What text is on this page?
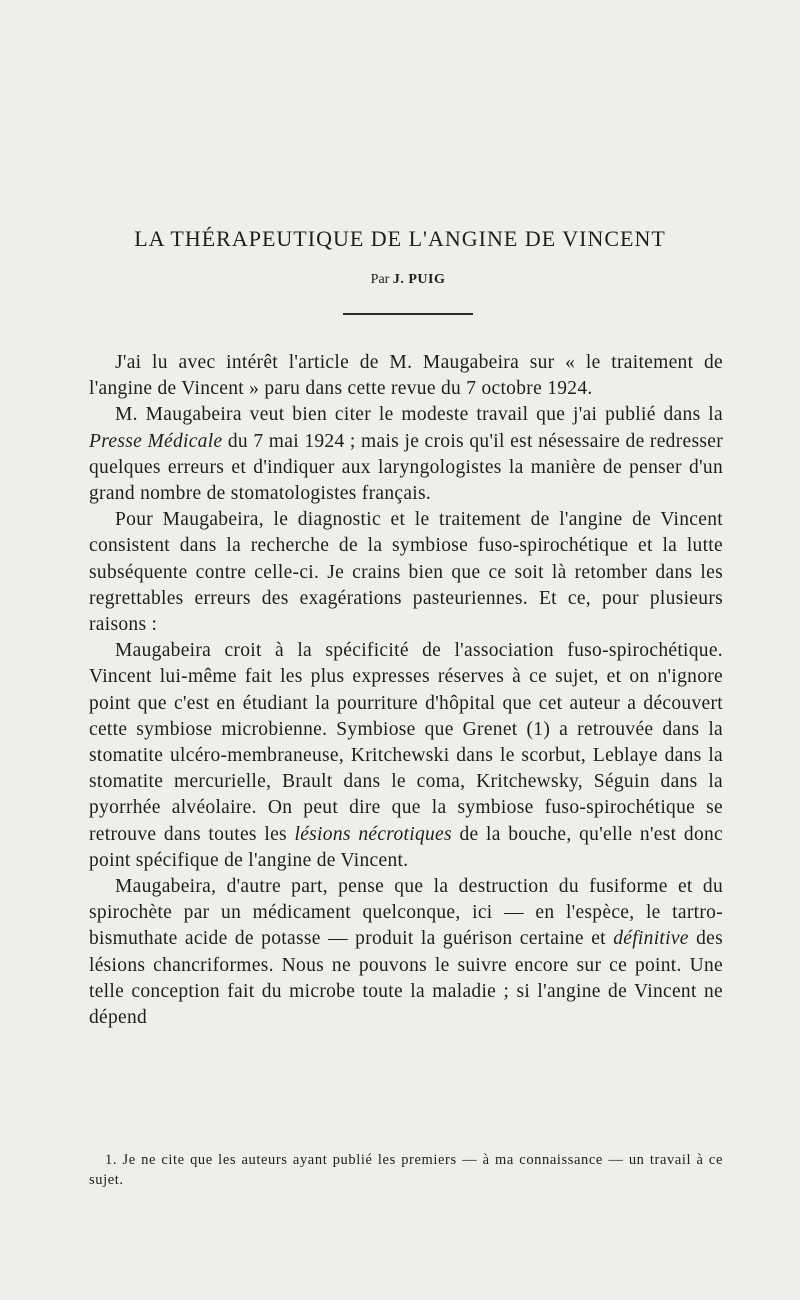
LA THÉRAPEUTIQUE DE L'ANGINE DE VINCENT
Par J. PUIG

J'ai lu avec intérêt l'article de M. Maugabeira sur « le traitement de l'angine de Vincent » paru dans cette revue du 7 octobre 1924.

M. Maugabeira veut bien citer le modeste travail que j'ai publié dans la Presse Médicale du 7 mai 1924 ; mais je crois qu'il est nésessaire de redresser quelques erreurs et d'indiquer aux laryngologistes la manière de penser d'un grand nombre de stomatologistes français.

Pour Maugabeira, le diagnostic et le traitement de l'angine de Vincent consistent dans la recherche de la symbiose fuso-spirochétique et la lutte subséquente contre celle-ci. Je crains bien que ce soit là retomber dans les regrettables erreurs des exagérations pasteuriennes. Et ce, pour plusieurs raisons :

Maugabeira croit à la spécificité de l'association fuso-spirochétique. Vincent lui-même fait les plus expresses réserves à ce sujet, et on n'ignore point que c'est en étudiant la pourriture d'hôpital que cet auteur a découvert cette symbiose microbienne. Symbiose que Grenet (1) a retrouvée dans la stomatite ulcéro-membraneuse, Kritchewski dans le scorbut, Leblaye dans la stomatite mercurielle, Brault dans le coma, Kritchewsky, Séguin dans la pyorrhée alvéolaire. On peut dire que la symbiose fuso-spirochétique se retrouve dans toutes les lésions nécrotiques de la bouche, qu'elle n'est donc point spécifique de l'angine de Vincent.

Maugabeira, d'autre part, pense que la destruction du fusiforme et du spirochète par un médicament quelconque, ici — en l'espèce, le tartro-bismuthate acide de potasse — produit la guérison certaine et définitive des lésions chancriformes. Nous ne pouvons le suivre encore sur ce point. Une telle conception fait du microbe toute la maladie ; si l'angine de Vincent ne dépend

1. Je ne cite que les auteurs ayant publié les premiers — à ma connaissance — un travail à ce sujet.
